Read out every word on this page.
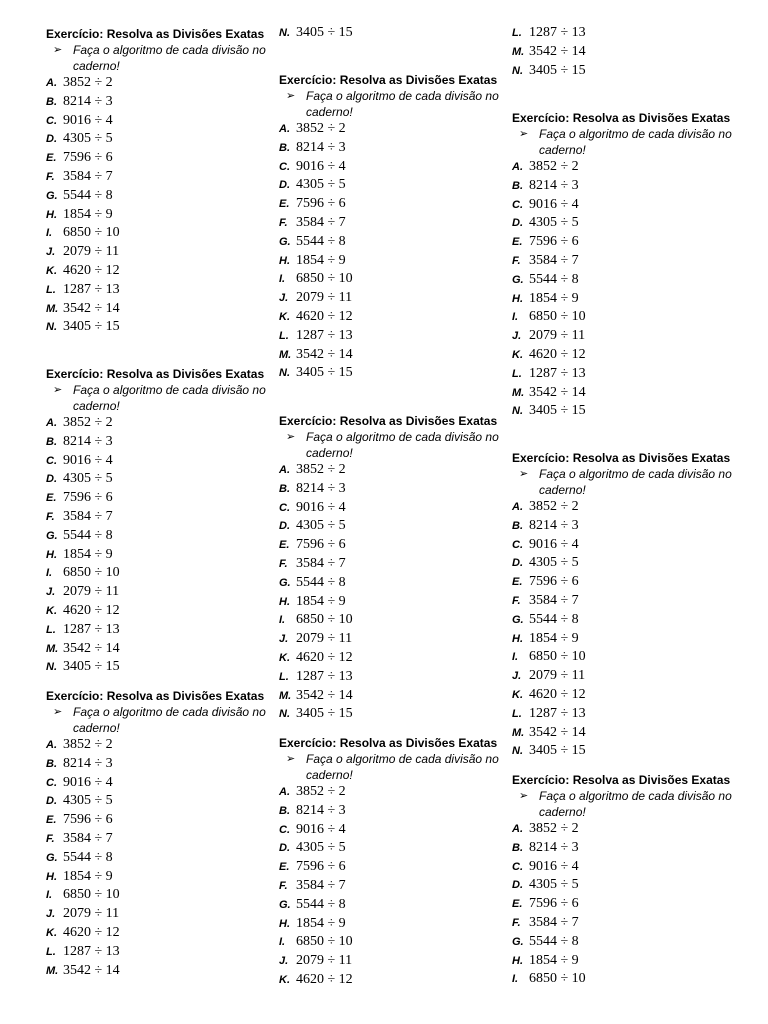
Exercício: Resolva as Divisões Exatas
➢ Faça o algoritmo de cada divisão no caderno!
A. 3852 ÷ 2
B. 8214 ÷ 3
C. 9016 ÷ 4
D. 4305 ÷ 5
E. 7596 ÷ 6
F. 3584 ÷ 7
G. 5544 ÷ 8
H. 1854 ÷ 9
I. 6850 ÷ 10
J. 2079 ÷ 11
K. 4620 ÷ 12
L. 1287 ÷ 13
M. 3542 ÷ 14
N. 3405 ÷ 15
Exercício: Resolva as Divisões Exatas
➢ Faça o algoritmo de cada divisão no caderno!
A. 3852 ÷ 2
B. 8214 ÷ 3
C. 9016 ÷ 4
D. 4305 ÷ 5
E. 7596 ÷ 6
F. 3584 ÷ 7
G. 5544 ÷ 8
H. 1854 ÷ 9
I. 6850 ÷ 10
J. 2079 ÷ 11
K. 4620 ÷ 12
L. 1287 ÷ 13
M. 3542 ÷ 14
N. 3405 ÷ 15
Exercício: Resolva as Divisões Exatas
➢ Faça o algoritmo de cada divisão no caderno!
A. 3852 ÷ 2
B. 8214 ÷ 3
C. 9016 ÷ 4
D. 4305 ÷ 5
E. 7596 ÷ 6
F. 3584 ÷ 7
G. 5544 ÷ 8
H. 1854 ÷ 9
I. 6850 ÷ 10
J. 2079 ÷ 11
K. 4620 ÷ 12
L. 1287 ÷ 13
M. 3542 ÷ 14
N. 3405 ÷ 15
Exercício: Resolva as Divisões Exatas
➢ Faça o algoritmo de cada divisão no caderno!
A. 3852 ÷ 2
B. 8214 ÷ 3
C. 9016 ÷ 4
D. 4305 ÷ 5
E. 7596 ÷ 6
F. 3584 ÷ 7
G. 5544 ÷ 8
H. 1854 ÷ 9
I. 6850 ÷ 10
J. 2079 ÷ 11
K. 4620 ÷ 12
L. 1287 ÷ 13
M. 3542 ÷ 14
N. 3405 ÷ 15
Exercício: Resolva as Divisões Exatas
➢ Faça o algoritmo de cada divisão no caderno!
A. 3852 ÷ 2
B. 8214 ÷ 3
C. 9016 ÷ 4
D. 4305 ÷ 5
E. 7596 ÷ 6
F. 3584 ÷ 7
G. 5544 ÷ 8
H. 1854 ÷ 9
I. 6850 ÷ 10
J. 2079 ÷ 11
K. 4620 ÷ 12
L. 1287 ÷ 13
M. 3542 ÷ 14
N. 3405 ÷ 15
Exercício: Resolva as Divisões Exatas
➢ Faça o algoritmo de cada divisão no caderno!
A. 3852 ÷ 2
B. 8214 ÷ 3
C. 9016 ÷ 4
D. 4305 ÷ 5
E. 7596 ÷ 6
F. 3584 ÷ 7
G. 5544 ÷ 8
H. 1854 ÷ 9
I. 6850 ÷ 10
J. 2079 ÷ 11
K. 4620 ÷ 12
L. 1287 ÷ 13
M. 3542 ÷ 14
N. 3405 ÷ 15
Exercício: Resolva as Divisões Exatas
➢ Faça o algoritmo de cada divisão no caderno!
A. 3852 ÷ 2
B. 8214 ÷ 3
C. 9016 ÷ 4
D. 4305 ÷ 5
E. 7596 ÷ 6
F. 3584 ÷ 7
G. 5544 ÷ 8
H. 1854 ÷ 9
I. 6850 ÷ 10
J. 2079 ÷ 11
K. 4620 ÷ 12
L. 1287 ÷ 13
M. 3542 ÷ 14
N. 3405 ÷ 15
Exercício: Resolva as Divisões Exatas
➢ Faça o algoritmo de cada divisão no caderno!
A. 3852 ÷ 2
B. 8214 ÷ 3
C. 9016 ÷ 4
D. 4305 ÷ 5
E. 7596 ÷ 6
F. 3584 ÷ 7
G. 5544 ÷ 8
H. 1854 ÷ 9
I. 6850 ÷ 10
J. 2079 ÷ 11
K. 4620 ÷ 12
L. 1287 ÷ 13
M. 3542 ÷ 14
N. 3405 ÷ 15
Exercício: Resolva as Divisões Exatas
➢ Faça o algoritmo de cada divisão no caderno!
A. 3852 ÷ 2
B. 8214 ÷ 3
C. 9016 ÷ 4
D. 4305 ÷ 5
E. 7596 ÷ 6
F. 3584 ÷ 7
G. 5544 ÷ 8
H. 1854 ÷ 9
I. 6850 ÷ 10
